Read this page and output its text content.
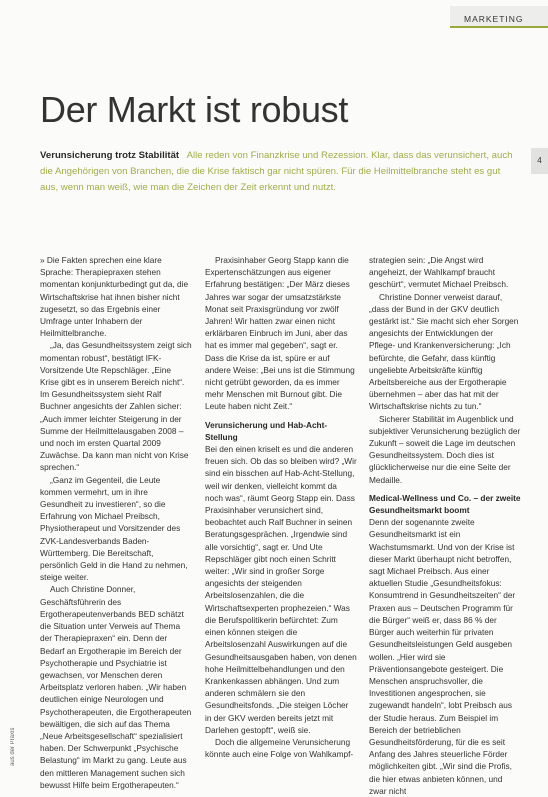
MARKETING
4
Der Markt ist robust
Verunsicherung trotz Stabilität Alle reden von Finanzkrise und Rezession. Klar, dass das verunsichert, auch die Angehörigen von Branchen, die die Krise faktisch gar nicht spüren. Für die Heilmittelbranche steht es gut aus, wenn man weiß, wie man die Zeichen der Zeit erkennt und nutzt.

» Die Fakten sprechen eine klare Sprache: Therapiepraxen stehen momentan konjunkturbedingt gut da, die Wirtschaftskrise hat ihnen bisher nicht zugesetzt, so das Ergebnis einer Umfrage unter Inhabern der Heilmittelbranche.

„Ja, das Gesundheitssystem zeigt sich momentan robust“, bestätigt IFK-Vorsitzende Ute Repschläger. „Eine Krise gibt es in unserem Bereich nicht“. Im Gesundheitssystem sieht Ralf Buchner angesichts der Zahlen sicher: „Auch immer leichter Steigerung in der Summe der Heilmittelausgaben 2008 – und noch im ersten Quartal 2009 Zuwächse. Da kann man nicht von Krise sprechen.“

„Ganz im Gegenteil, die Leute kommen vermehrt, um in ihre Gesundheit zu investieren“, so die Erfahrung von Michael Preibsch, Physiotherapeut und Vorsitzender des ZVK-Landesverbands Baden-Württemberg. Die Bereitschaft, persönlich Geld in die Hand zu nehmen, steige weiter.

Auch Christine Donner, Geschäftsführerin des Ergotherapeutenverbands BED schätzt die Situation unter Verweis auf Thema der Therapiepraxen“ ein. Denn der Bedarf an Ergotherapie im Bereich der Psychotherapie und Psychiatrie ist gewachsen, vor Menschen deren Arbeitsplatz verloren haben. „Wir haben deutlichen einige Neurologen und Psychotherapeuten, die Ergotherapeuten bewältigen, die sich auf das Thema „Neue Arbeitsgesellschaft“ spezialisiert haben. Der Schwerpunkt „Psychische Belastung“ im Markt zu gang. Leute aus den mittleren Management suchen sich bewusst Hilfe beim Ergotherapeuten.“

Praxisinhaber Georg Stapp kann die Expertenschätzungen aus eigener Erfahrung bestätigen: „Der März dieses Jahres war sogar der umsatzstärkste Monat seit Praxisgründung vor zwölf Jahren! Wir hatten zwar einen nicht erklärbaren Einbruch im Juni, aber das hat es immer mal gegeben“, sagt er. Dass die Krise da ist, spüre er auf andere Weise: „Bei uns ist die Stimmung nicht getrübt geworden, da es immer mehr Menschen mit Burnout gibt. Die Leute haben nicht Zeit.“

Verunsicherung und Hab-Acht-Stellung

Bei den einen kriselt es und die anderen freuen sich. Ob das so bleiben wird? „Wir sind ein bisschen auf Hab-Acht-Stellung, weil wir denken, vielleicht kommt da noch was“, räumt Georg Stapp ein. Dass Praxisinhaber verunsichert sind, beobachtet auch Ralf Buchner in seinen Beratungsgesprächen. „Irgendwie sind alle vorsichtig“, sagt er. Und Ute Repschläger gibt noch einen Schritt weiter: „Wir sind in großer Sorge angesichts der steigenden Arbeitslosenzahlen, die die Wirtschaftsexperten prophezeien.“ Was die Berufspolitikerin befürchtet: Zum einen können steigen die Arbeitslosenzahl Auswirkungen auf die Gesundheitsausgaben haben, von denen hohe Heilmittelbehandlungen und den Krankenkassen abhängen. Und zum anderen schmälern sie den Gesundheitsfonds. „Die steigen Löcher in der GKV werden bereits jetzt mit Darlehen gestopft“, weiß sie.

Doch die allgemeine Verunsicherung könnte auch eine Folge von Wahlkampf-

strategien sein: „Die Angst wird angeheizt, der Wahlkampf braucht geschürt“, vermutet Michael Preibsch.

Christine Donner verweist darauf, „dass der Bund in der GKV deutlich gestärkt ist.“ Sie macht sich eher Sorgen angesichts der Entwicklungen der Pflege- und Krankenversicherung: „Ich befürchte, die Gefahr, dass künftig ungeliebte Arbeitskräfte künftig Arbeitsbereiche aus der Ergotherapie übernehmen – aber das hat mit der Wirtschaftskrise nichts zu tun.“

Sicherer Stabilität im Augenblick und subjektiver Verunsicherung bezüglich der Zukunft – soweit die Lage im deutschen Gesundheitssystem. Doch dies ist glücklicherweise nur die eine Seite der Medaille.

Medical-Wellness und Co. – der zweite Gesundheitsmarkt boomt

Denn der sogenannte zweite Gesundheitsmarkt ist ein Wachstumsmarkt. Und von der Krise ist dieser Markt überhaupt nicht betroffen, sagt Michael Preibsch. Aus einer aktuellen Studie „Gesundheitsfokus: Konsumtrend in Gesundheitszeiten“ der Praxen aus – Deutschen Programm für die Bürger“ weiß er, dass 86 % der Bürger auch weiterhin für privaten Gesundheitsleistungen Geld ausgeben wollen. „Hier wird sie Präventionsangebote gesteigert. Die Menschen anspruchsvoller, die Investitionen angesprochen, sie zugewandt handeln“, lobt Preibsch aus der Studie heraus. Zum Beispiel im Bereich der betrieblichen Gesundheitsförderung, für die es seit Anfang des Jahres steuerliche Förder möglichkeiten gibt. „Wir sind die Profis, die hier etwas anbieten können, und zwar nicht

aus der Praxis
